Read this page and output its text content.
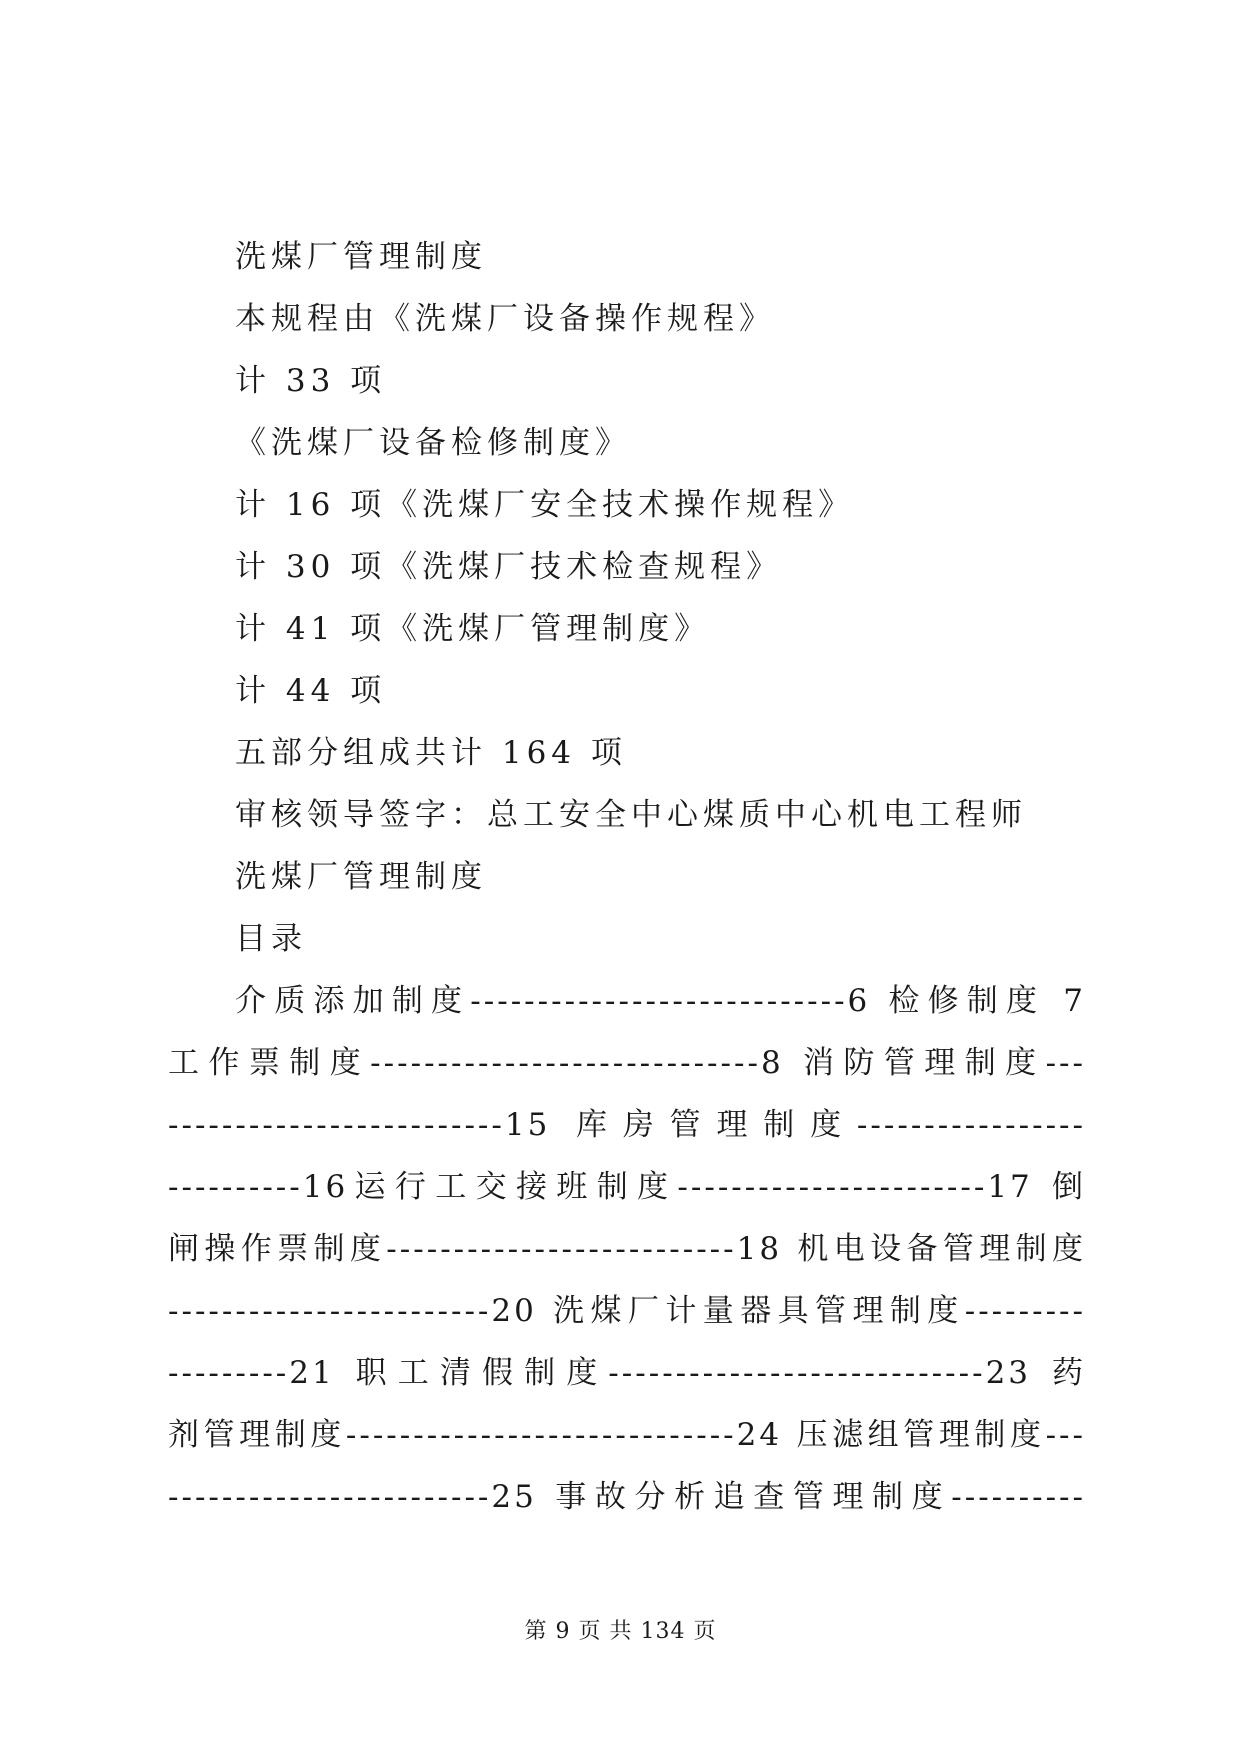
洗煤厂管理制度
本规程由《洗煤厂设备操作规程》
计 33 项
《洗煤厂设备检修制度》
计 16 项《洗煤厂安全技术操作规程》
计 30 项《洗煤厂技术检查规程》
计 41 项《洗煤厂管理制度》
计 44 项
五部分组成共计 164 项
审核领导签字：总工安全中心煤质中心机电工程师
洗煤厂管理制度
目录
介质添加制度----------------------------6 检修制度 7
工作票制度-----------------------------8 消防管理制度---
-------------------------15 库房管理制度-----------------
----------16运行工交接班制度-----------------------17 倒
闸操作票制度--------------------------18 机电设备管理制度
------------------------20 洗煤厂计量器具管理制度---------
---------21 职工清假制度----------------------------23 药
剂管理制度-----------------------------24 压滤组管理制度---
------------------------25 事故分析追查管理制度----------
第 9 页 共 134 页
